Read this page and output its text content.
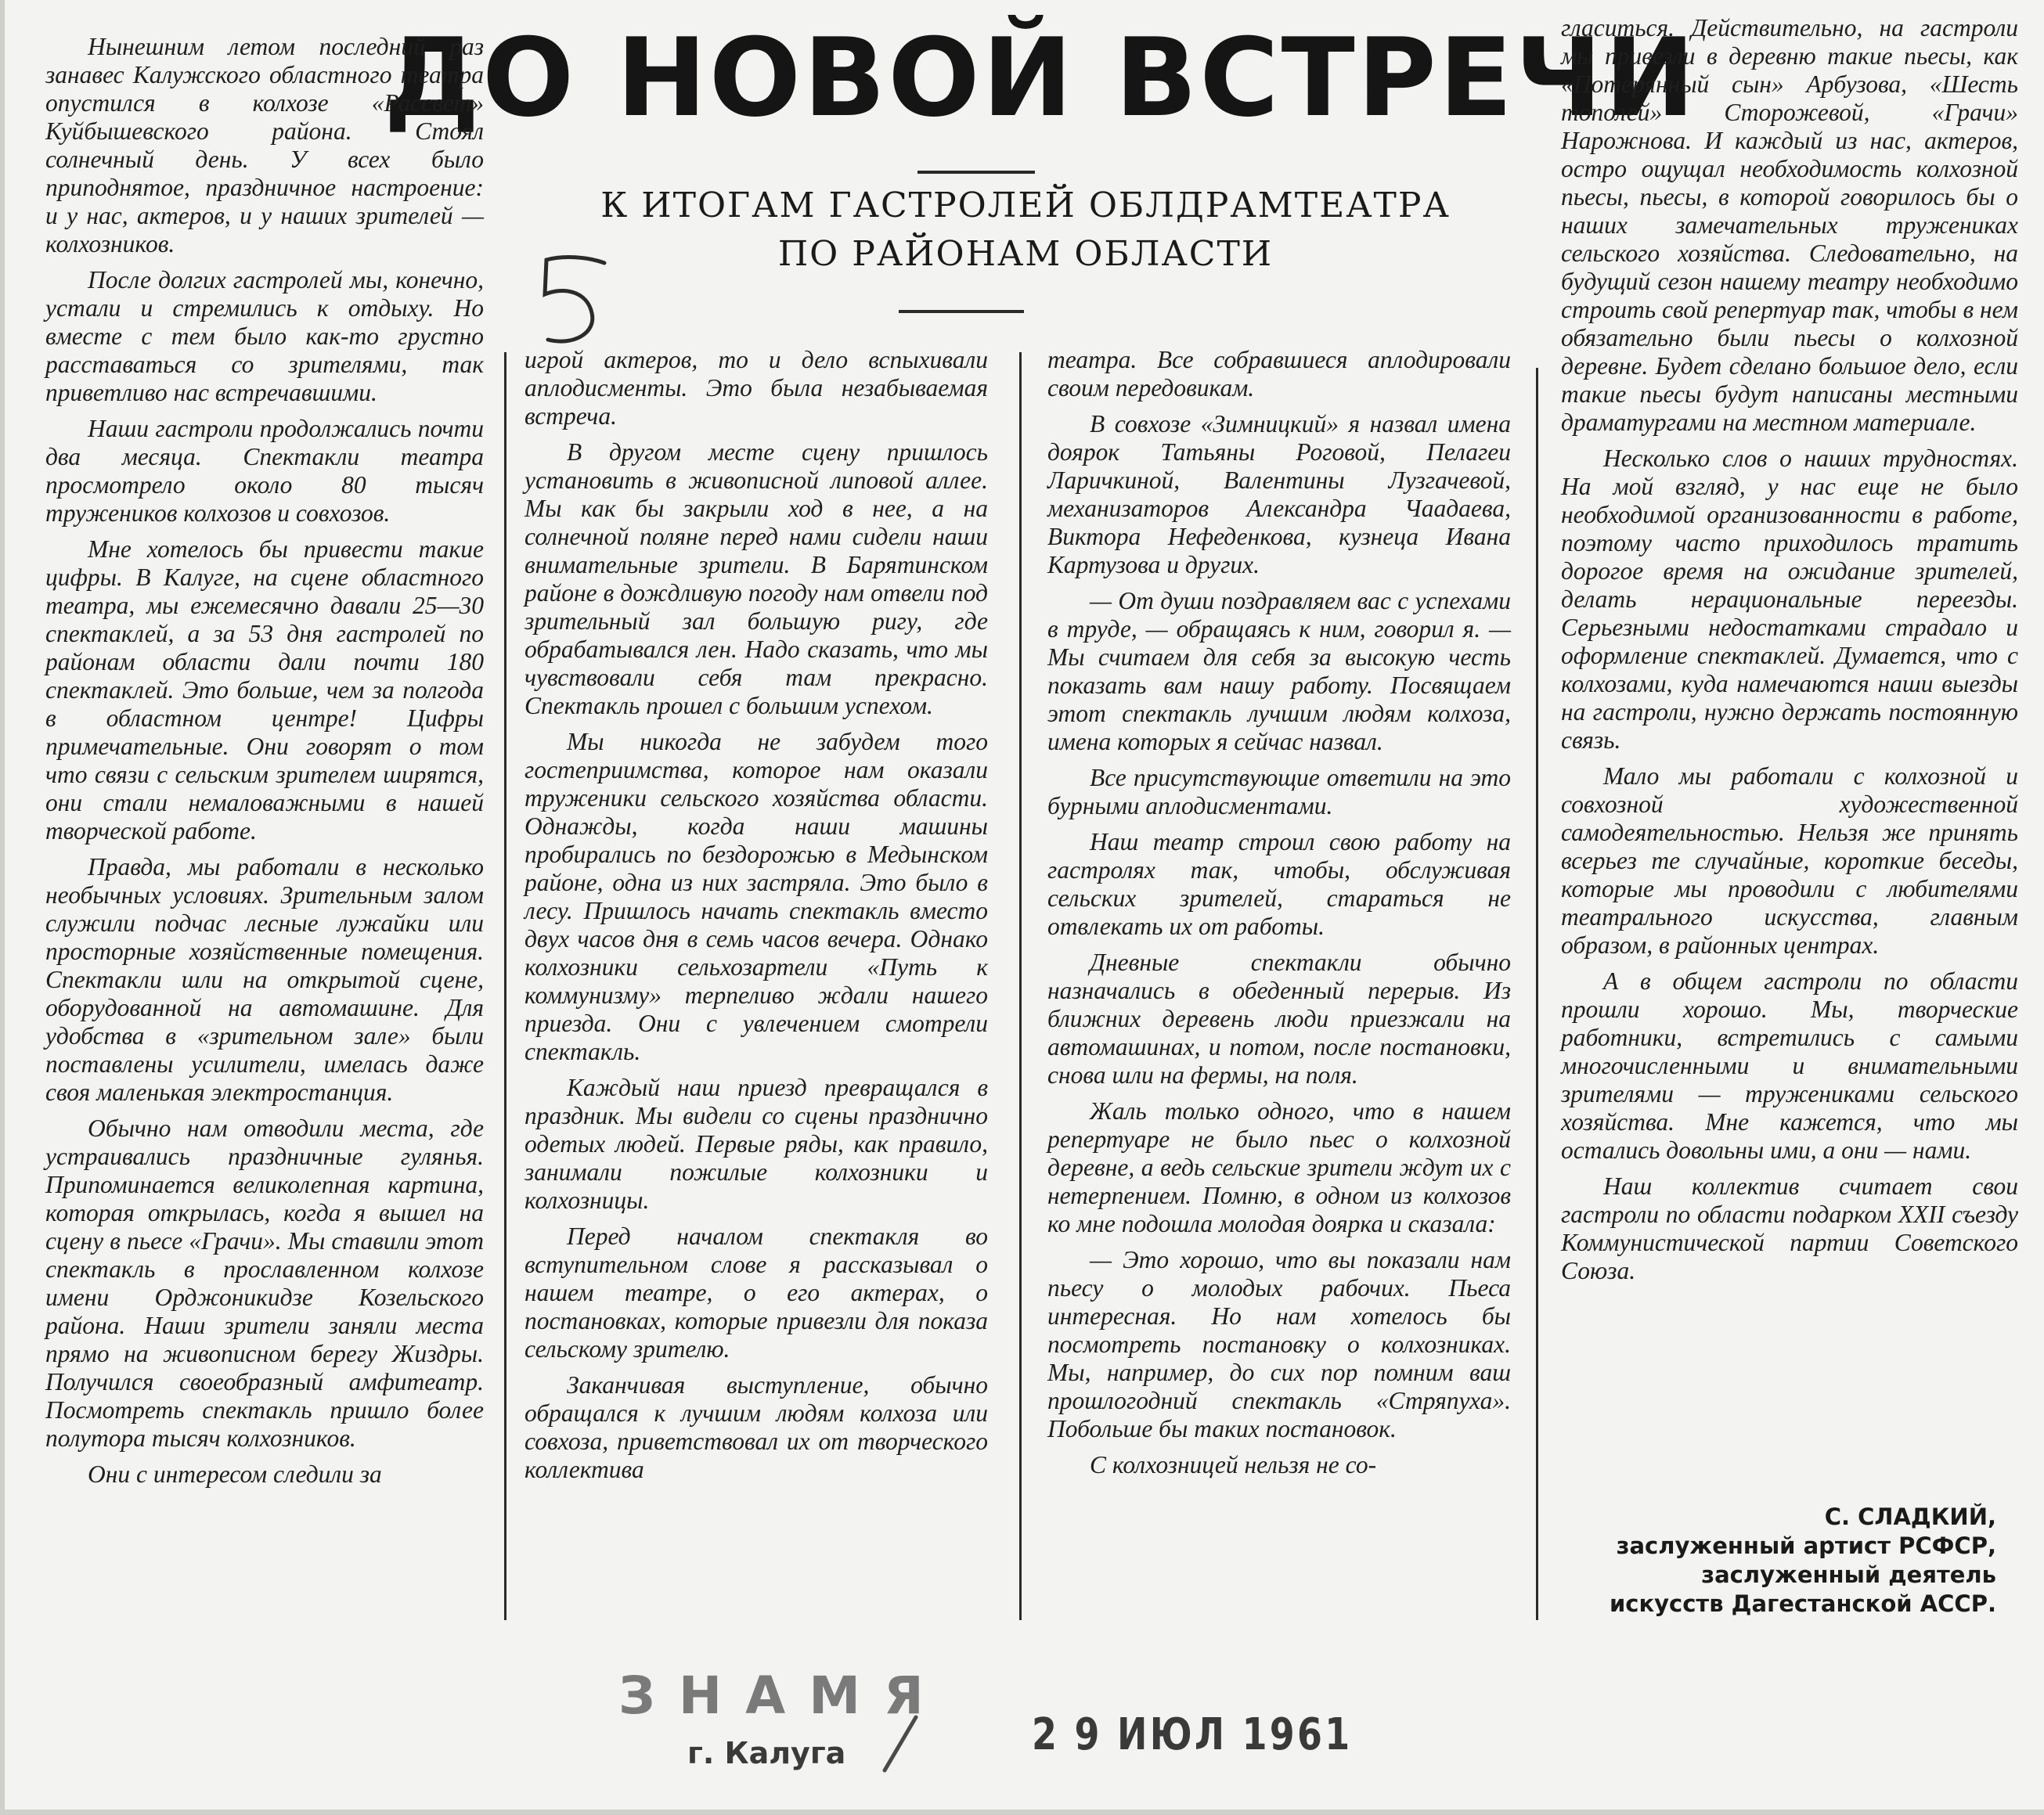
ДО НОВОЙ ВСТРЕЧИ
К ИТОГАМ ГАСТРОЛЕЙ ОБЛДРАМТЕАТРА
ПО РАЙОНАМ ОБЛАСТИ

Нынешним летом последний раз занавес Калужского областного театра опустился в колхозе «Рассвет» Куйбышевского района. Стоял солнечный день. У всех было приподнятое, праздничное настроение: и у нас, актеров, и у наших зрителей — колхозников.

После долгих гастролей мы, конечно, устали и стремились к отдыху. Но вместе с тем было как-то грустно расставаться со зрителями, так приветливо нас встречавшими.

Наши гастроли продолжались почти два месяца. Спектакли театра просмотрело около 80 тысяч тружеников колхозов и совхозов.

Мне хотелось бы привести такие цифры. В Калуге, на сцене областного театра, мы ежемесячно давали 25—30 спектаклей, а за 53 дня гастролей по районам области дали почти 180 спектаклей. Это больше, чем за полгода в областном центре! Цифры примечательные. Они говорят о том что связи с сельским зрителем ширятся, они стали немаловажными в нашей творческой работе.

Правда, мы работали в несколько необычных условиях. Зрительным залом служили подчас лесные лужайки или просторные хозяйственные помещения. Спектакли шли на открытой сцене, оборудованной на автомашине. Для удобства в «зрительном зале» были поставлены усилители, имелась даже своя маленькая электростанция.

Обычно нам отводили места, где устраивались праздничные гулянья. Припоминается великолепная картина, которая открылась, когда я вышел на сцену в пьесе «Грачи». Мы ставили этот спектакль в прославленном колхозе имени Орджоникидзе Козельского района. Наши зрители заняли места прямо на живописном берегу Жиздры. Получился своеобразный амфитеатр. Посмотреть спектакль пришло более полутора тысяч колхозников.

Они с интересом следили за

игрой актеров, то и дело вспыхивали аплодисменты. Это была незабываемая встреча.

В другом месте сцену пришлось установить в живописной липовой аллее. Мы как бы закрыли ход в нее, а на солнечной поляне перед нами сидели наши внимательные зрители. В Барятинском районе в дождливую погоду нам отвели под зрительный зал большую ригу, где обрабатывался лен. Надо сказать, что мы чувствовали себя там прекрасно. Спектакль прошел с большим успехом.

Мы никогда не забудем того гостеприимства, которое нам оказали труженики сельского хозяйства области. Однажды, когда наши машины пробирались по бездорожью в Медынском районе, одна из них застряла. Это было в лесу. Пришлось начать спектакль вместо двух часов дня в семь часов вечера. Однако колхозники сельхозартели «Путь к коммунизму» терпеливо ждали нашего приезда. Они с увлечением смотрели спектакль.

Каждый наш приезд превращался в праздник. Мы видели со сцены празднично одетых людей. Первые ряды, как правило, занимали пожилые колхозники и колхозницы.

Перед началом спектакля во вступительном слове я рассказывал о нашем театре, о его актерах, о постановках, которые привезли для показа сельскому зрителю.

Заканчивая выступление, обычно обращался к лучшим людям колхоза или совхоза, приветствовал их от творческого коллектива

театра. Все собравшиеся аплодировали своим передовикам.

В совхозе «Зимницкий» я назвал имена доярок Татьяны Роговой, Пелагеи Ларичкиной, Валентины Лузгачевой, механизаторов Александра Чаадаева, Виктора Нефеденкова, кузнеца Ивана Картузова и других.

— От души поздравляем вас с успехами в труде, — обращаясь к ним, говорил я. — Мы считаем для себя за высокую честь показать вам нашу работу. Посвящаем этот спектакль лучшим людям колхоза, имена которых я сейчас назвал.

Все присутствующие ответили на это бурными аплодисментами.

Наш театр строил свою работу на гастролях так, чтобы, обслуживая сельских зрителей, стараться не отвлекать их от работы.

Дневные спектакли обычно назначались в обеденный перерыв. Из ближних деревень люди приезжали на автомашинах, и потом, после постановки, снова шли на фермы, на поля.

Жаль только одного, что в нашем репертуаре не было пьес о колхозной деревне, а ведь сельские зрители ждут их с нетерпением. Помню, в одном из колхозов ко мне подошла молодая доярка и сказала:

— Это хорошо, что вы показали нам пьесу о молодых рабочих. Пьеса интересная. Но нам хотелось бы посмотреть постановку о колхозниках. Мы, например, до сих пор помним ваш прошлогодний спектакль «Стряпуха». Побольше бы таких постановок.

С колхозницей нельзя не со-

гласиться. Действительно, на гастроли мы привезли в деревню такие пьесы, как «Потерянный сын» Арбузова, «Шесть тополей» Сторожевой, «Грачи» Нарожнова. И каждый из нас, актеров, остро ощущал необходимость колхозной пьесы, пьесы, в которой говорилось бы о наших замечательных тружениках сельского хозяйства. Следовательно, на будущий сезон нашему театру необходимо строить свой репертуар так, чтобы в нем обязательно были пьесы о колхозной деревне. Будет сделано большое дело, если такие пьесы будут написаны местными драматургами на местном материале.

Несколько слов о наших трудностях. На мой взгляд, у нас еще не было необходимой организованности в работе, поэтому часто приходилось тратить дорогое время на ожидание зрителей, делать нерациональные переезды. Серьезными недостатками страдало и оформление спектаклей. Думается, что с колхозами, куда намечаются наши выезды на гастроли, нужно держать постоянную связь.

Мало мы работали с колхозной и совхозной художественной самодеятельностью. Нельзя же принять всерьез те случайные, короткие беседы, которые мы проводили с любителями театрального искусства, главным образом, в районных центрах.

А в общем гастроли по области прошли хорошо. Мы, творческие работники, встретились с самыми многочисленными и внимательными зрителями — тружениками сельского хозяйства. Мне кажется, что мы остались довольны ими, а они — нами.

Наш коллектив считает свои гастроли по области подарком XXII съезду Коммунистической партии Советского Союза.

С. СЛАДКИЙ,
заслуженный артист РСФСР,
заслуженный деятель
искусств Дагестанской АССР.
ЗНАМЯ
г. Калуга	2 9 ИЮЛ 1961
